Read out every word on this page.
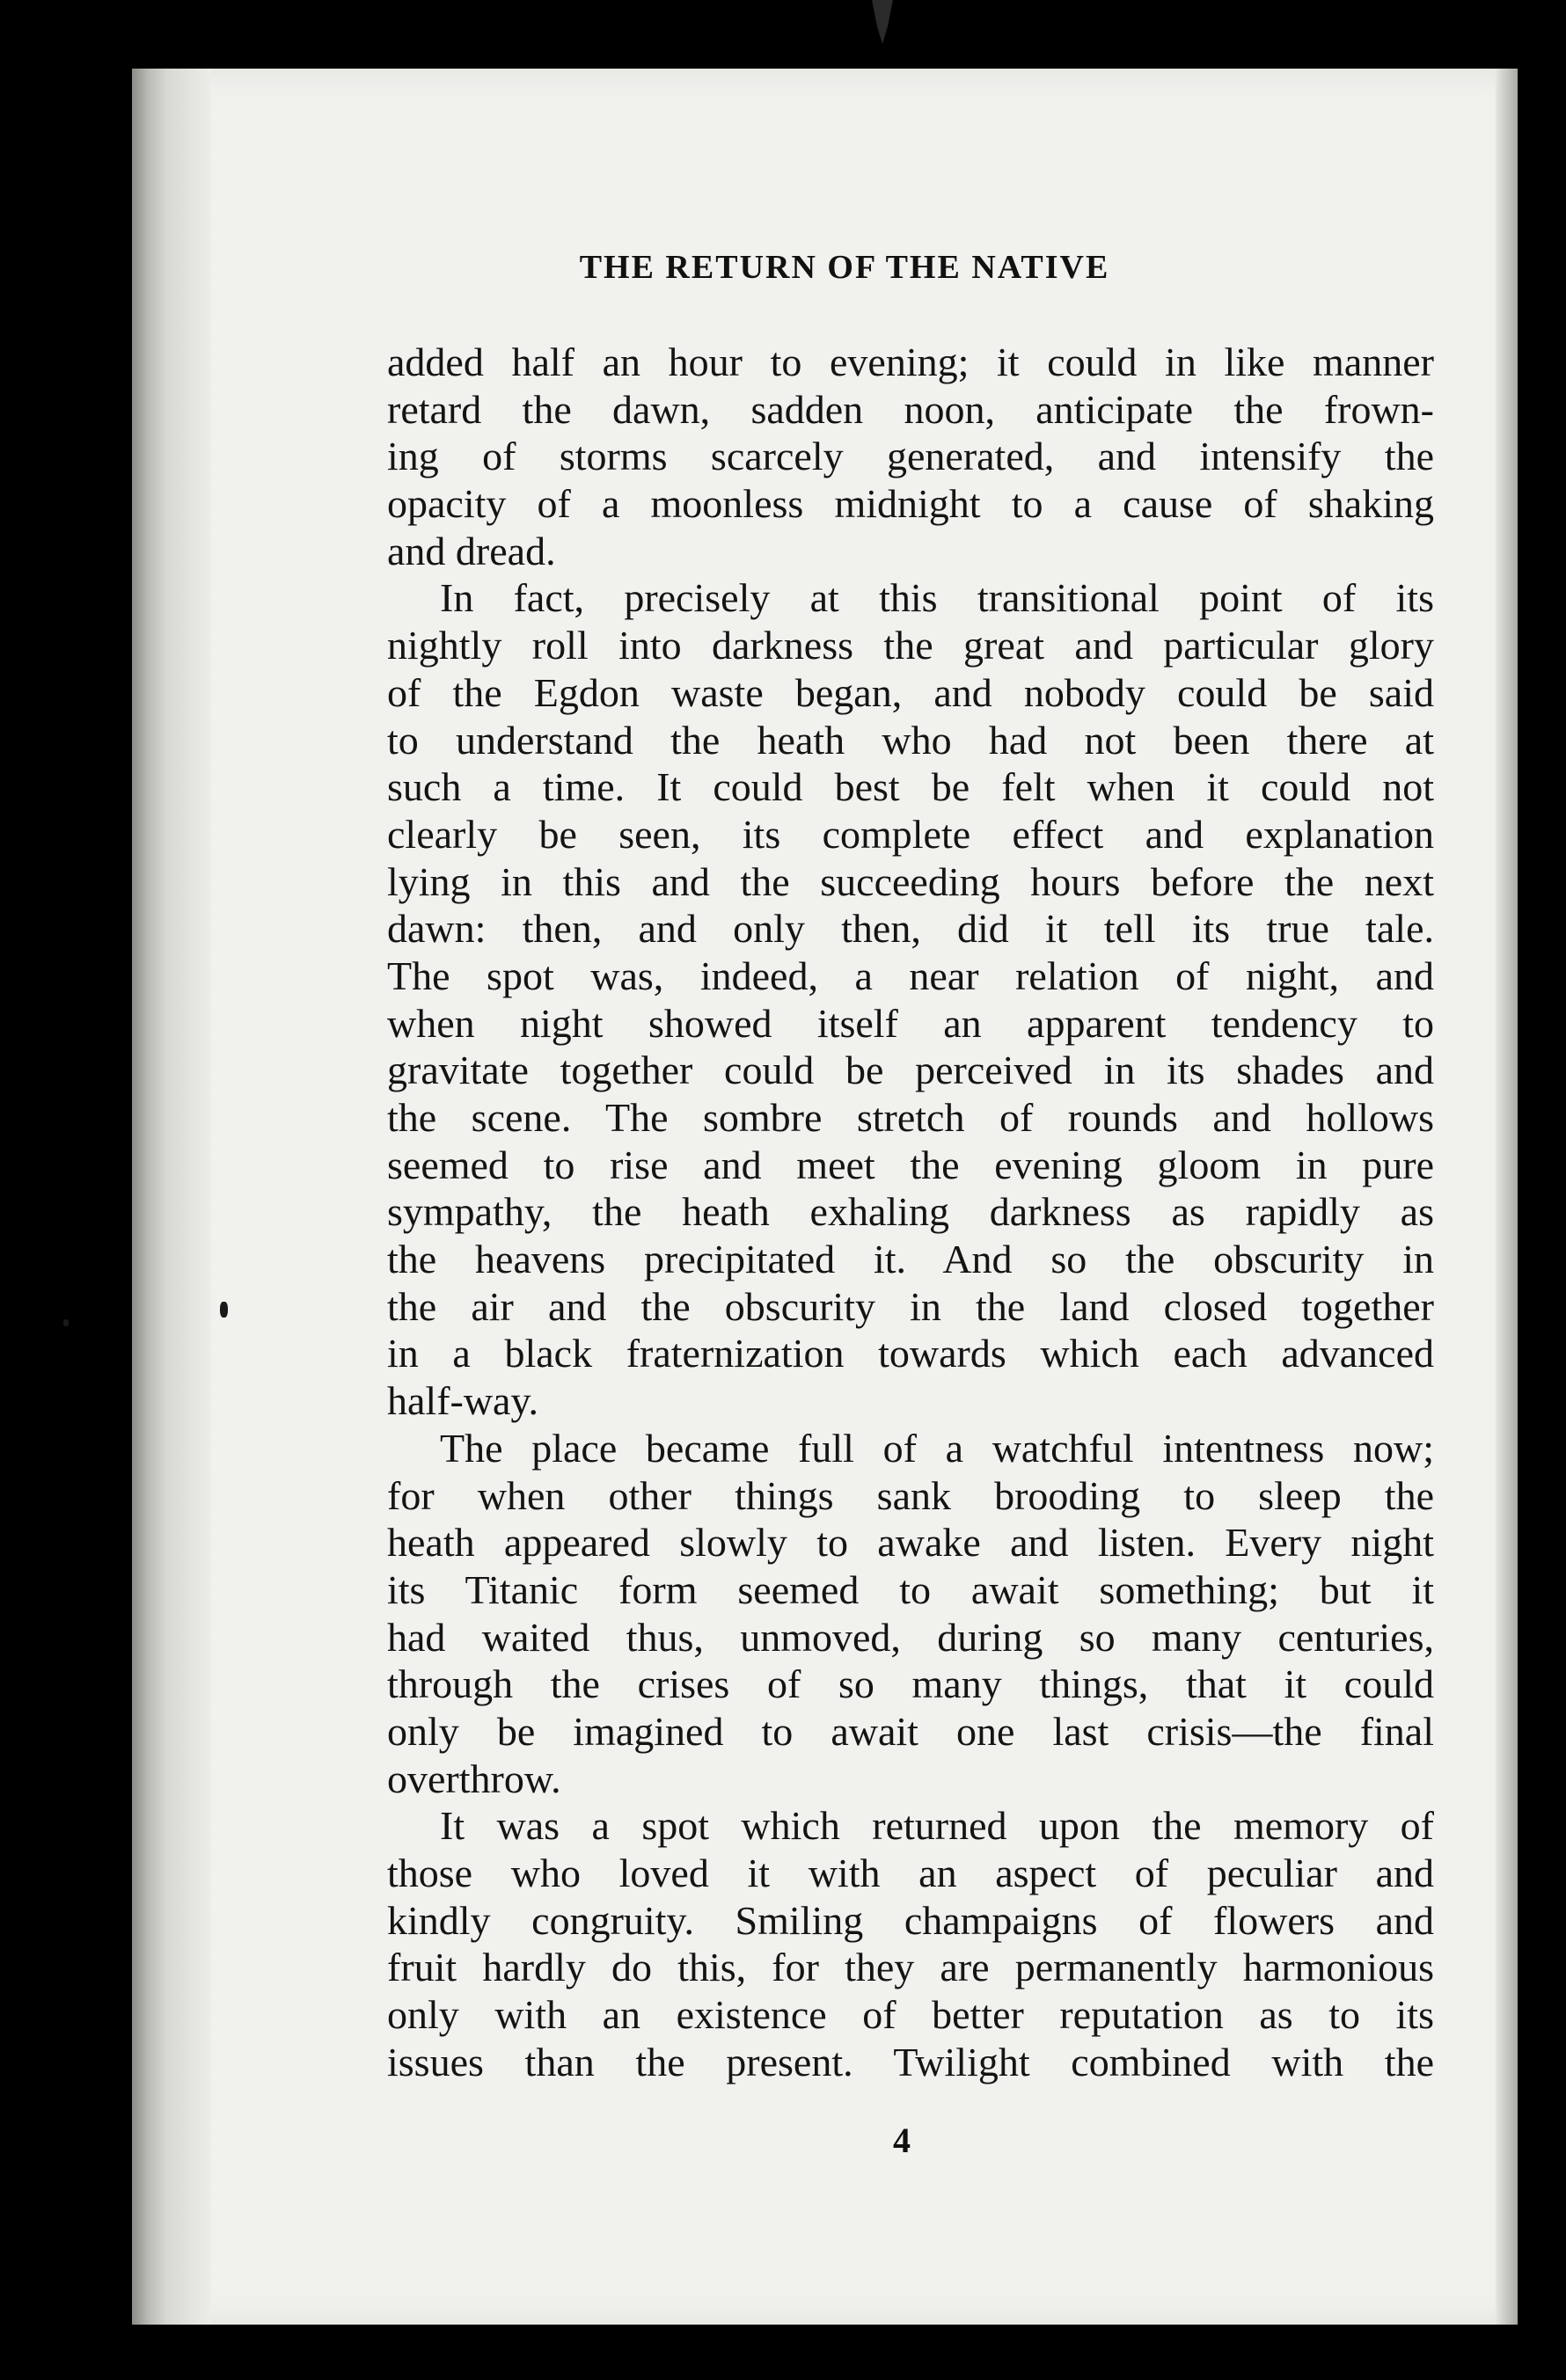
THE RETURN OF THE NATIVE
added half an hour to evening; it could in like manner
retard the dawn, sadden noon, anticipate the frown-
ing of storms scarcely generated, and intensify the
opacity of a moonless midnight to a cause of shaking
and dread.
In fact, precisely at this transitional point of its
nightly roll into darkness the great and particular glory
of the Egdon waste began, and nobody could be said
to understand the heath who had not been there at
such a time. It could best be felt when it could not
clearly be seen, its complete effect and explanation
lying in this and the succeeding hours before the next
dawn: then, and only then, did it tell its true tale.
The spot was, indeed, a near relation of night, and
when night showed itself an apparent tendency to
gravitate together could be perceived in its shades and
the scene. The sombre stretch of rounds and hollows
seemed to rise and meet the evening gloom in pure
sympathy, the heath exhaling darkness as rapidly as
the heavens precipitated it. And so the obscurity in
the air and the obscurity in the land closed together
in a black fraternization towards which each advanced
half-way.
The place became full of a watchful intentness now;
for when other things sank brooding to sleep the
heath appeared slowly to awake and listen. Every night
its Titanic form seemed to await something; but it
had waited thus, unmoved, during so many centuries,
through the crises of so many things, that it could
only be imagined to await one last crisis—the final
overthrow.
It was a spot which returned upon the memory of
those who loved it with an aspect of peculiar and
kindly congruity. Smiling champaigns of flowers and
fruit hardly do this, for they are permanently harmonious
only with an existence of better reputation as to its
issues than the present. Twilight combined with the
4
